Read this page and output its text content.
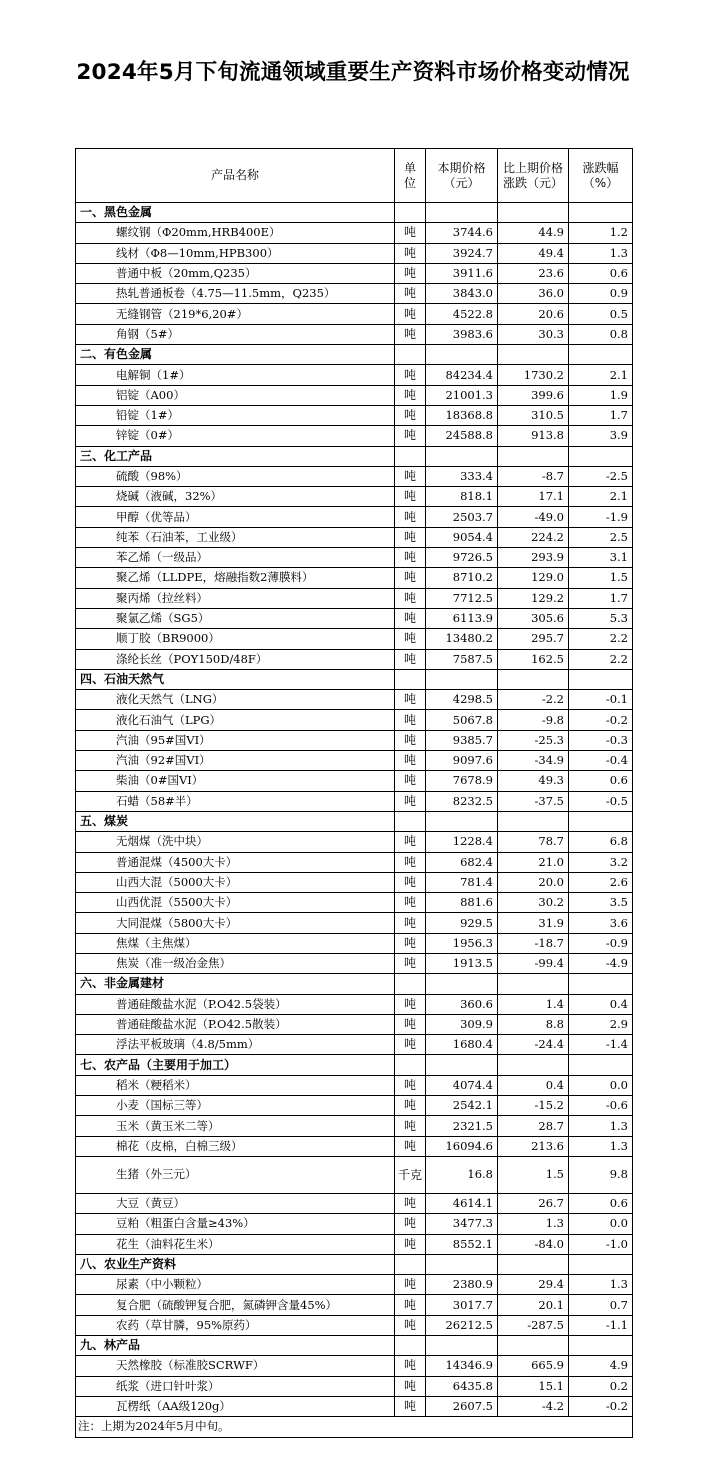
2024年5月下旬流通领域重要生产资料市场价格变动情况
产品名称	单位	本期价格（元）	比上期价格涨跌（元）	涨跌幅（%）
一、黑色金属				
螺纹钢（Φ20mm,HRB400E）	吨	3744.6	44.9	1.2
线材（Φ8—10mm,HPB300）	吨	3924.7	49.4	1.3
普通中板（20mm,Q235）	吨	3911.6	23.6	0.6
热轧普通板卷（4.75—11.5mm，Q235）	吨	3843.0	36.0	0.9
无缝钢管（219*6,20#）	吨	4522.8	20.6	0.5
角钢（5#）	吨	3983.6	30.3	0.8
二、有色金属				
电解铜（1#）	吨	84234.4	1730.2	2.1
铝锭（A00）	吨	21001.3	399.6	1.9
铅锭（1#）	吨	18368.8	310.5	1.7
锌锭（0#）	吨	24588.8	913.8	3.9
三、化工产品				
硫酸（98%）	吨	333.4	-8.7	-2.5
烧碱（液碱，32%）	吨	818.1	17.1	2.1
甲醇（优等品）	吨	2503.7	-49.0	-1.9
纯苯（石油苯，工业级）	吨	9054.4	224.2	2.5
苯乙烯（一级品）	吨	9726.5	293.9	3.1
聚乙烯（LLDPE，熔融指数2薄膜料）	吨	8710.2	129.0	1.5
聚丙烯（拉丝料）	吨	7712.5	129.2	1.7
聚氯乙烯（SG5）	吨	6113.9	305.6	5.3
顺丁胶（BR9000）	吨	13480.2	295.7	2.2
涤纶长丝（POY150D/48F）	吨	7587.5	162.5	2.2
四、石油天然气				
液化天然气（LNG）	吨	4298.5	-2.2	-0.1
液化石油气（LPG）	吨	5067.8	-9.8	-0.2
汽油（95#国VI）	吨	9385.7	-25.3	-0.3
汽油（92#国VI）	吨	9097.6	-34.9	-0.4
柴油（0#国VI）	吨	7678.9	49.3	0.6
石蜡（58#半）	吨	8232.5	-37.5	-0.5
五、煤炭				
无烟煤（洗中块）	吨	1228.4	78.7	6.8
普通混煤（4500大卡）	吨	682.4	21.0	3.2
山西大混（5000大卡）	吨	781.4	20.0	2.6
山西优混（5500大卡）	吨	881.6	30.2	3.5
大同混煤（5800大卡）	吨	929.5	31.9	3.6
焦煤（主焦煤）	吨	1956.3	-18.7	-0.9
焦炭（准一级冶金焦）	吨	1913.5	-99.4	-4.9
六、非金属建材				
普通硅酸盐水泥（P.O42.5袋装）	吨	360.6	1.4	0.4
普通硅酸盐水泥（P.O42.5散装）	吨	309.9	8.8	2.9
浮法平板玻璃（4.8/5mm）	吨	1680.4	-24.4	-1.4
七、农产品（主要用于加工）				
稻米（粳稻米）	吨	4074.4	0.4	0.0
小麦（国标三等）	吨	2542.1	-15.2	-0.6
玉米（黄玉米二等）	吨	2321.5	28.7	1.3
棉花（皮棉，白棉三级）	吨	16094.6	213.6	1.3
生猪（外三元）	千克	16.8	1.5	9.8
大豆（黄豆）	吨	4614.1	26.7	0.6
豆粕（粗蛋白含量≥43%）	吨	3477.3	1.3	0.0
花生（油料花生米）	吨	8552.1	-84.0	-1.0
八、农业生产资料				
尿素（中小颗粒）	吨	2380.9	29.4	1.3
复合肥（硫酸钾复合肥，氮磷钾含量45%）	吨	3017.7	20.1	0.7
农药（草甘膦，95%原药）	吨	26212.5	-287.5	-1.1
九、林产品				
天然橡胶（标准胶SCRWF）	吨	14346.9	665.9	4.9
纸浆（进口针叶浆）	吨	6435.8	15.1	0.2
瓦楞纸（AA级120g）	吨	2607.5	-4.2	-0.2
注：上期为2024年5月中旬。				
